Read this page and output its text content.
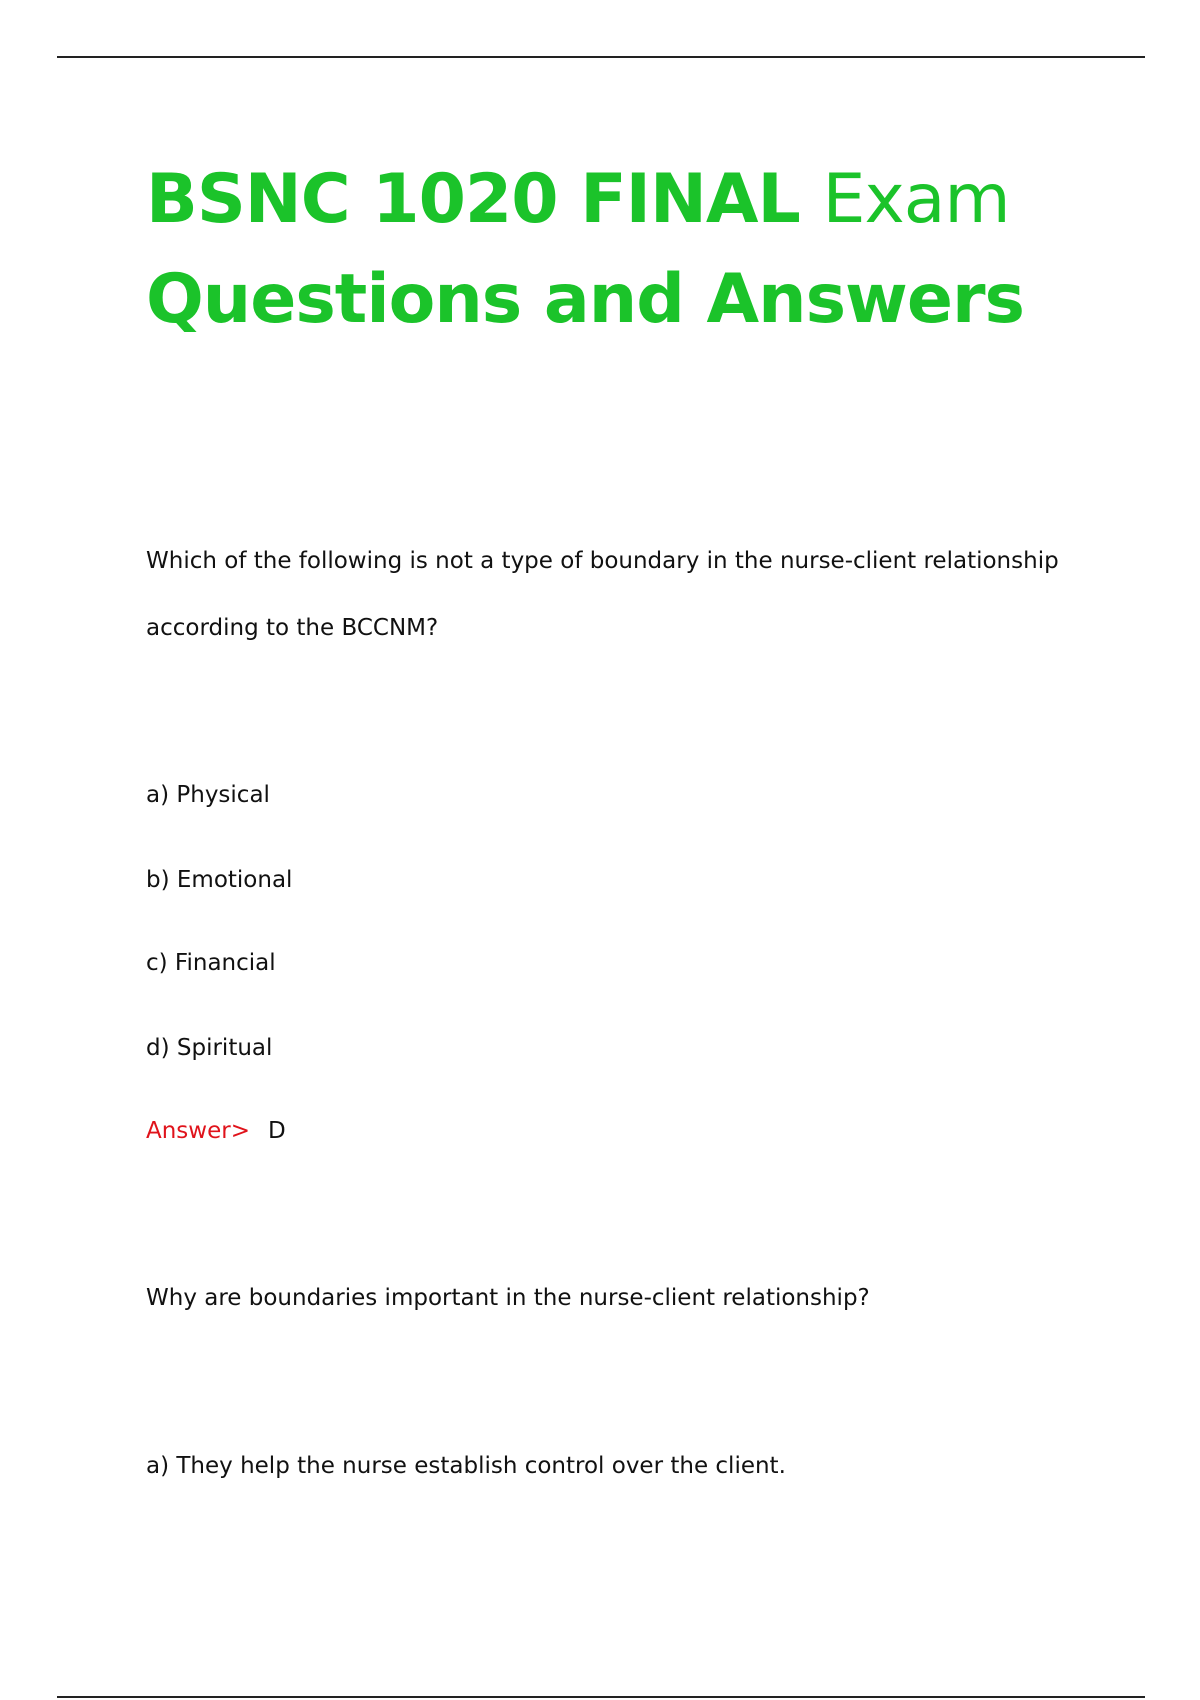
BSNC 1020 FINAL Exam
Questions and Answers

Which of the following is not a type of boundary in the nurse-client relationship

according to the BCCNM?

a) Physical

b) Emotional

c) Financial

d) Spiritual

Answer> D

Why are boundaries important in the nurse-client relationship?

a) They help the nurse establish control over the client.
